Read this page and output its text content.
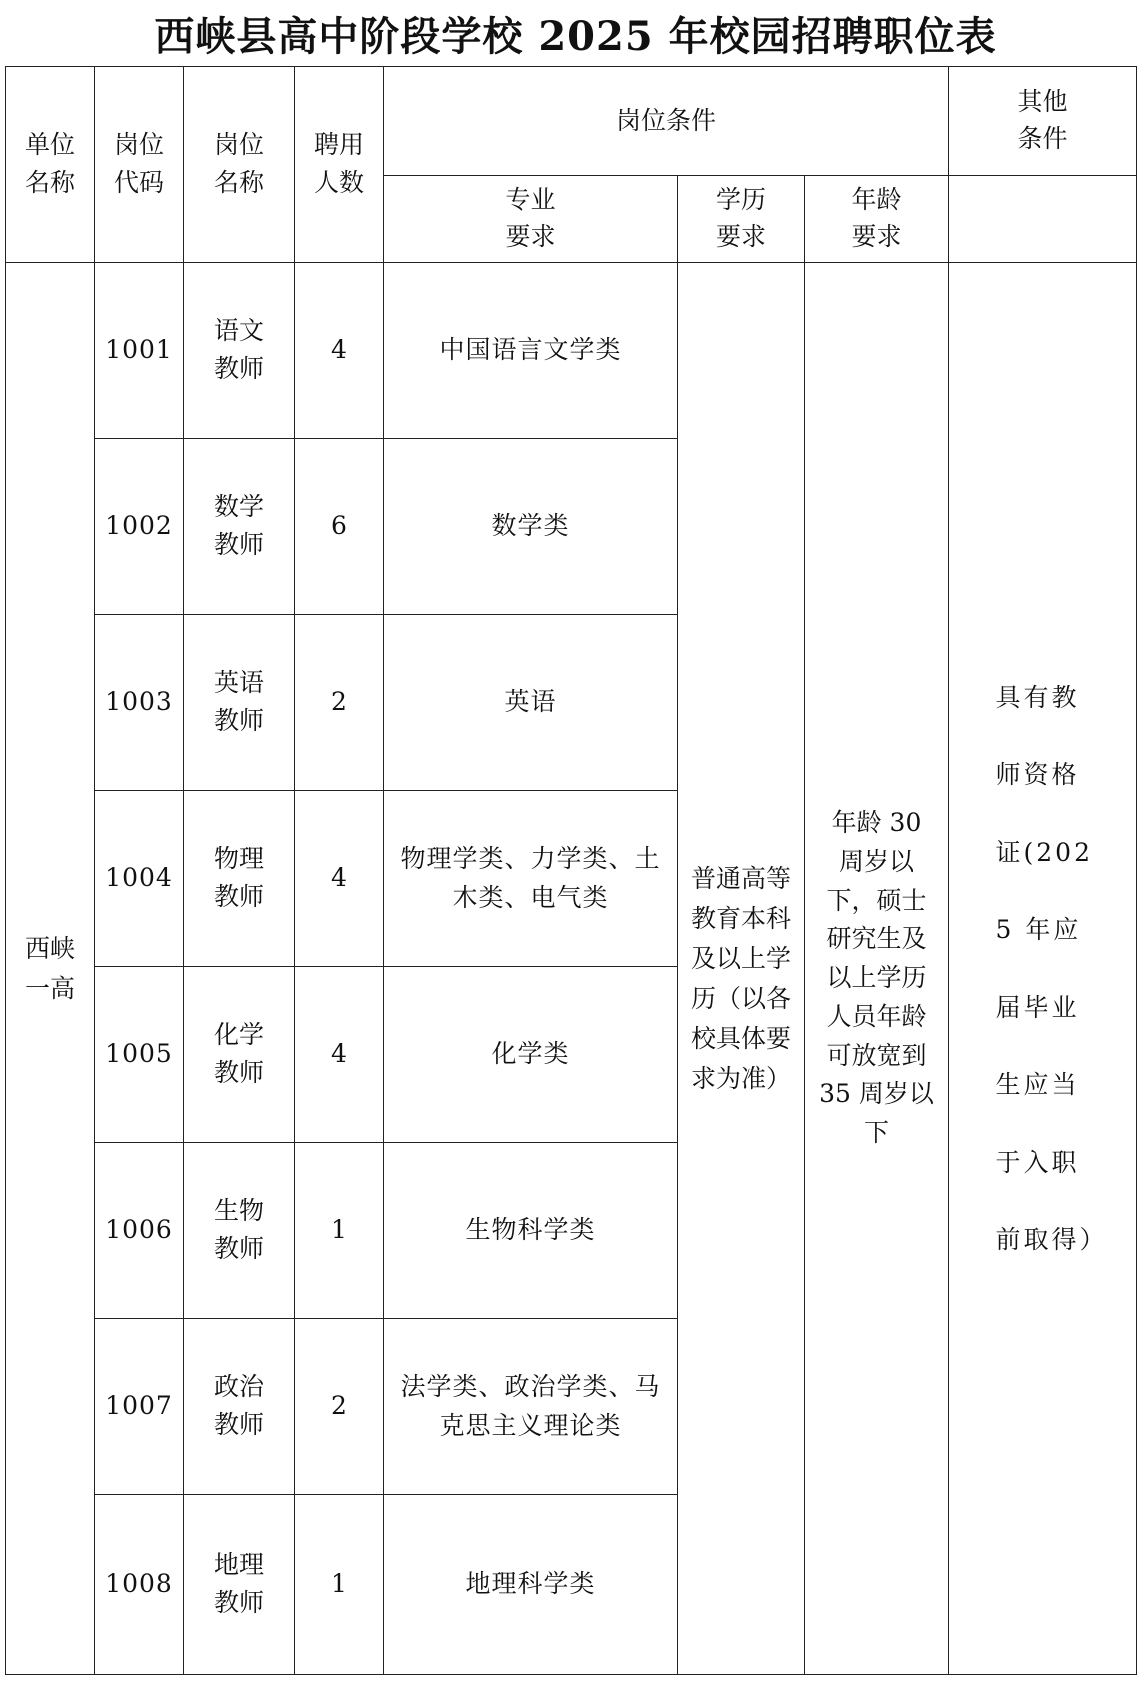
西峡县高中阶段学校 2025 年校园招聘职位表
单位名称	岗位代码	岗位名称	聘用人数	岗位条件			其他条件
				专业要求	学历要求	年龄要求	
西峡一高	1001	语文教师	4	中国语言文学类	普通高等教育本科及以上学历（以各校具体要求为准）	年龄 30 周岁以下，硕士研究生及以上学历人员年龄可放宽到 35 周岁以下	具有教师资格证(2025 年应届毕业生应当于入职前取得）
	1002	数学教师	6	数学类			
	1003	英语教师	2	英语			
	1004	物理教师	4	物理学类、力学类、土木类、电气类			
	1005	化学教师	4	化学类			
	1006	生物教师	1	生物科学类			
	1007	政治教师	2	法学类、政治学类、马克思主义理论类			
	1008	地理教师	1	地理科学类			
